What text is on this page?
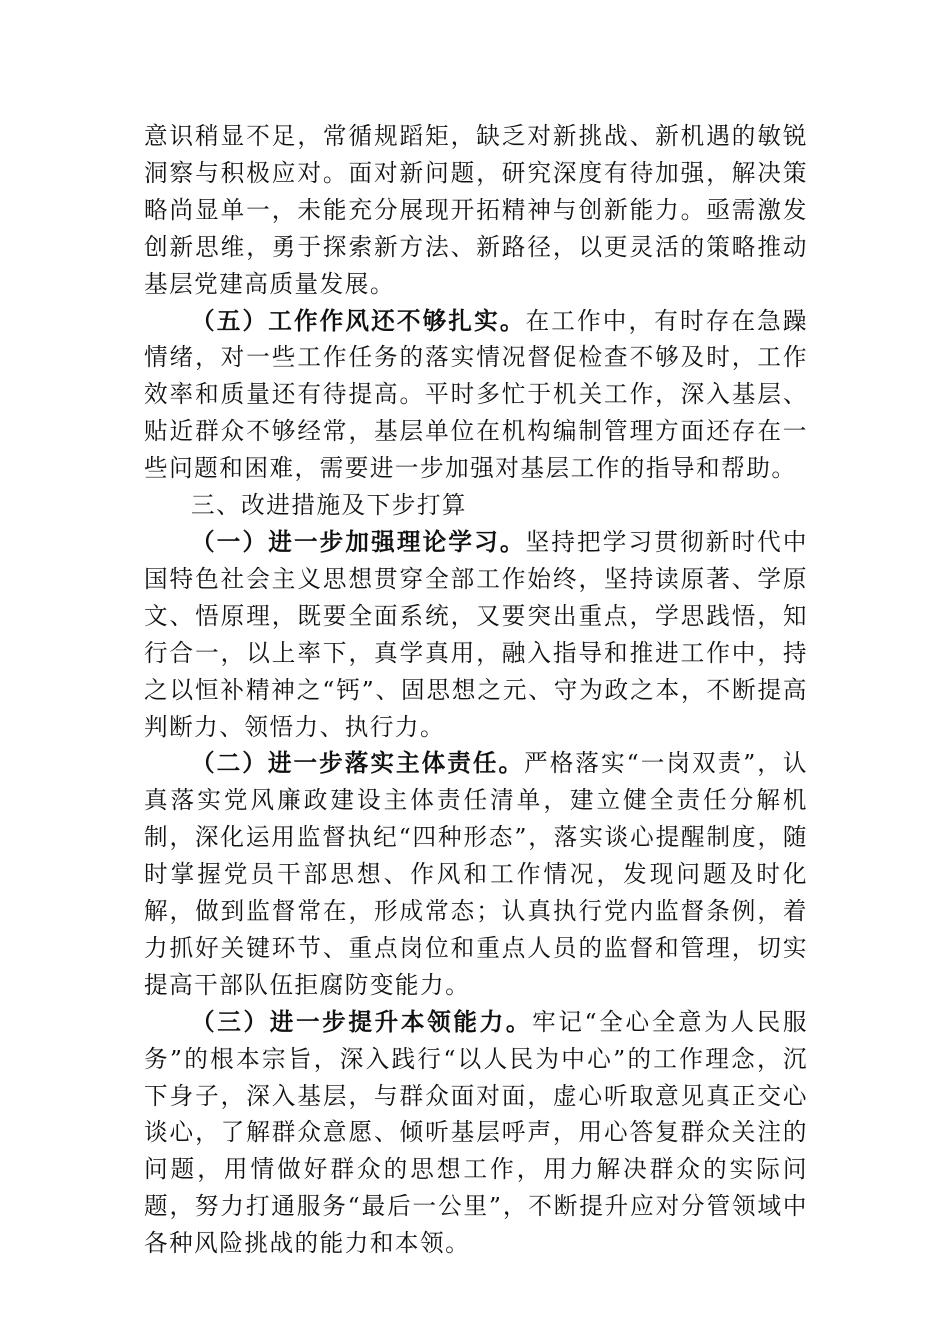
意识稍显不足，常循规蹈矩，缺乏对新挑战、新机遇的敏锐洞察与积极应对。面对新问题，研究深度有待加强，解决策略尚显单一，未能充分展现开拓精神与创新能力。亟需激发创新思维，勇于探索新方法、新路径，以更灵活的策略推动基层党建高质量发展。

（五）工作作风还不够扎实。在工作中，有时存在急躁情绪，对一些工作任务的落实情况督促检查不够及时，工作效率和质量还有待提高。平时多忙于机关工作，深入基层、贴近群众不够经常，基层单位在机构编制管理方面还存在一些问题和困难，需要进一步加强对基层工作的指导和帮助。

三、改进措施及下步打算

（一）进一步加强理论学习。坚持把学习贯彻新时代中国特色社会主义思想贯穿全部工作始终，坚持读原著、学原文、悟原理，既要全面系统，又要突出重点，学思践悟，知行合一，以上率下，真学真用，融入指导和推进工作中，持之以恒补精神之“钙”、固思想之元、守为政之本，不断提高判断力、领悟力、执行力。

（二）进一步落实主体责任。严格落实“一岗双责”，认真落实党风廉政建设主体责任清单，建立健全责任分解机制，深化运用监督执纪“四种形态”，落实谈心提醒制度，随时掌握党员干部思想、作风和工作情况，发现问题及时化解，做到监督常在，形成常态；认真执行党内监督条例，着力抓好关键环节、重点岗位和重点人员的监督和管理，切实提高干部队伍拒腐防变能力。

（三）进一步提升本领能力。牢记“全心全意为人民服务”的根本宗旨，深入践行“以人民为中心”的工作理念，沉下身子，深入基层，与群众面对面，虚心听取意见真正交心谈心，了解群众意愿、倾听基层呼声，用心答复群众关注的问题，用情做好群众的思想工作，用力解决群众的实际问题，努力打通服务“最后一公里”，不断提升应对分管领域中各种风险挑战的能力和本领。
